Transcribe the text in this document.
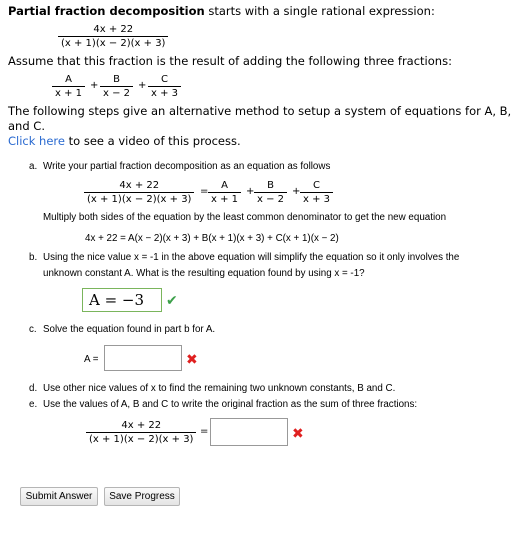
Partial fraction decomposition starts with a single rational expression:
$\frac{4x + 22}{(x + 1)(x - 2)(x + 3)}$
Assume that this fraction is the result of adding the following three fractions:
$\frac{A}{x + 1} + \frac{B}{x - 2} + \frac{C}{x + 3}$
The following steps give an alternative method to setup a system of equations for A, B,
and C.
Click here to see a video of this process.
a. Write your partial fraction decomposition as an equation as follows
$\frac{4x + 22}{(x + 1)(x - 2)(x + 3)} = \frac{A}{x + 1} + \frac{B}{x - 2} + \frac{C}{x + 3}$
Multiply both sides of the equation by the least common denominator to get the new equation
4x + 22 = A(x − 2)(x + 3) + B(x + 1)(x + 3) + C(x + 1)(x − 2)
b. Using the nice value x = -1 in the above equation will simplify the equation so it only involves the
unknown constant A. What is the resulting equation found by using x = -1?
A = −3	✔
c. Solve the equation found in part b for A.
A =	✖
d. Use other nice values of x to find the remaining two unknown constants, B and C.
e. Use the values of A, B and C to write the original fraction as the sum of three fractions:
$\frac{4x + 22}{(x + 1)(x - 2)(x + 3)}$ =	✖
Submit Answer	Save Progress
